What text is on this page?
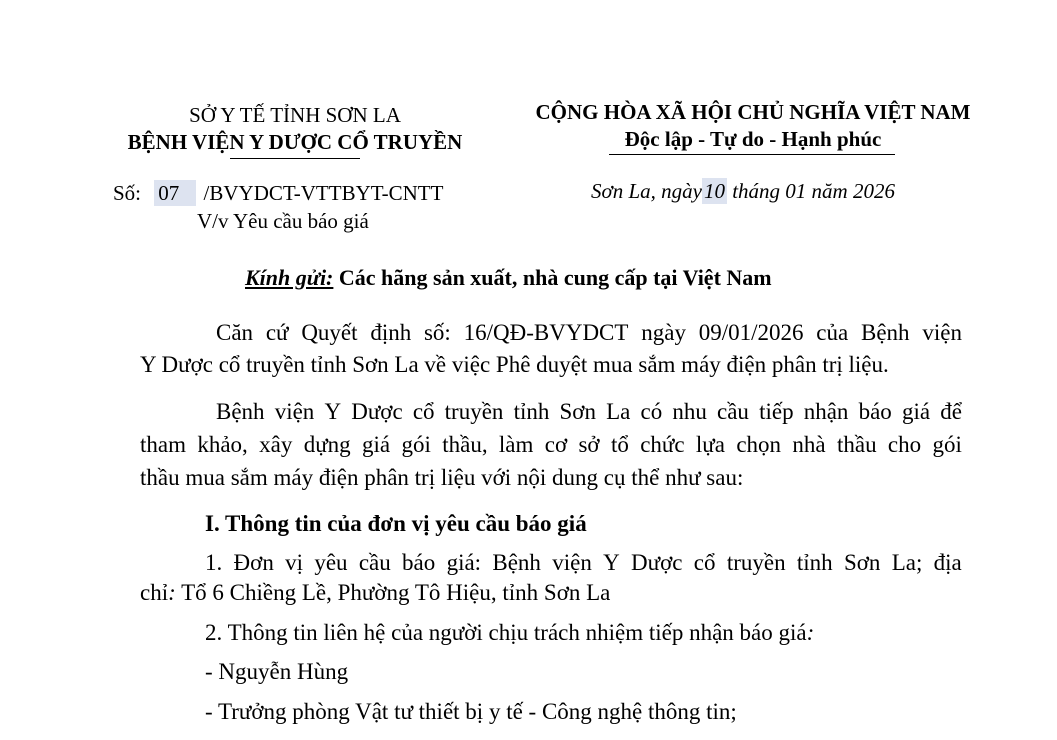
SỞ Y TẾ TỈNH SƠN LA
BỆNH VIỆN Y DƯỢC CỔ TRUYỀN
Số: 07 /BVYDCT-VTTBYT-CNTT
V/v Yêu cầu báo giá
CỘNG HÒA XÃ HỘI CHỦ NGHĨA VIỆT NAM
Độc lập - Tự do - Hạnh phúc
Sơn La, ngày10 tháng 01 năm 2026
Kính gửi: Các hãng sản xuất, nhà cung cấp tại Việt Nam
Căn cứ Quyết định số: 16/QĐ-BVYDCT ngày 09/01/2026 của Bệnh viện
Y Dược cổ truyền tỉnh Sơn La về việc Phê duyệt mua sắm máy điện phân trị liệu.
Bệnh viện Y Dược cổ truyền tỉnh Sơn La có nhu cầu tiếp nhận báo giá để
tham khảo, xây dựng giá gói thầu, làm cơ sở tổ chức lựa chọn nhà thầu cho gói
thầu mua sắm máy điện phân trị liệu với nội dung cụ thể như sau:
I. Thông tin của đơn vị yêu cầu báo giá
1. Đơn vị yêu cầu báo giá: Bệnh viện Y Dược cổ truyền tỉnh Sơn La; địa
chỉ: Tổ 6 Chiềng Lề, Phường Tô Hiệu, tỉnh Sơn La
2. Thông tin liên hệ của người chịu trách nhiệm tiếp nhận báo giá:
- Nguyễn Hùng
- Trưởng phòng Vật tư thiết bị y tế - Công nghệ thông tin;
